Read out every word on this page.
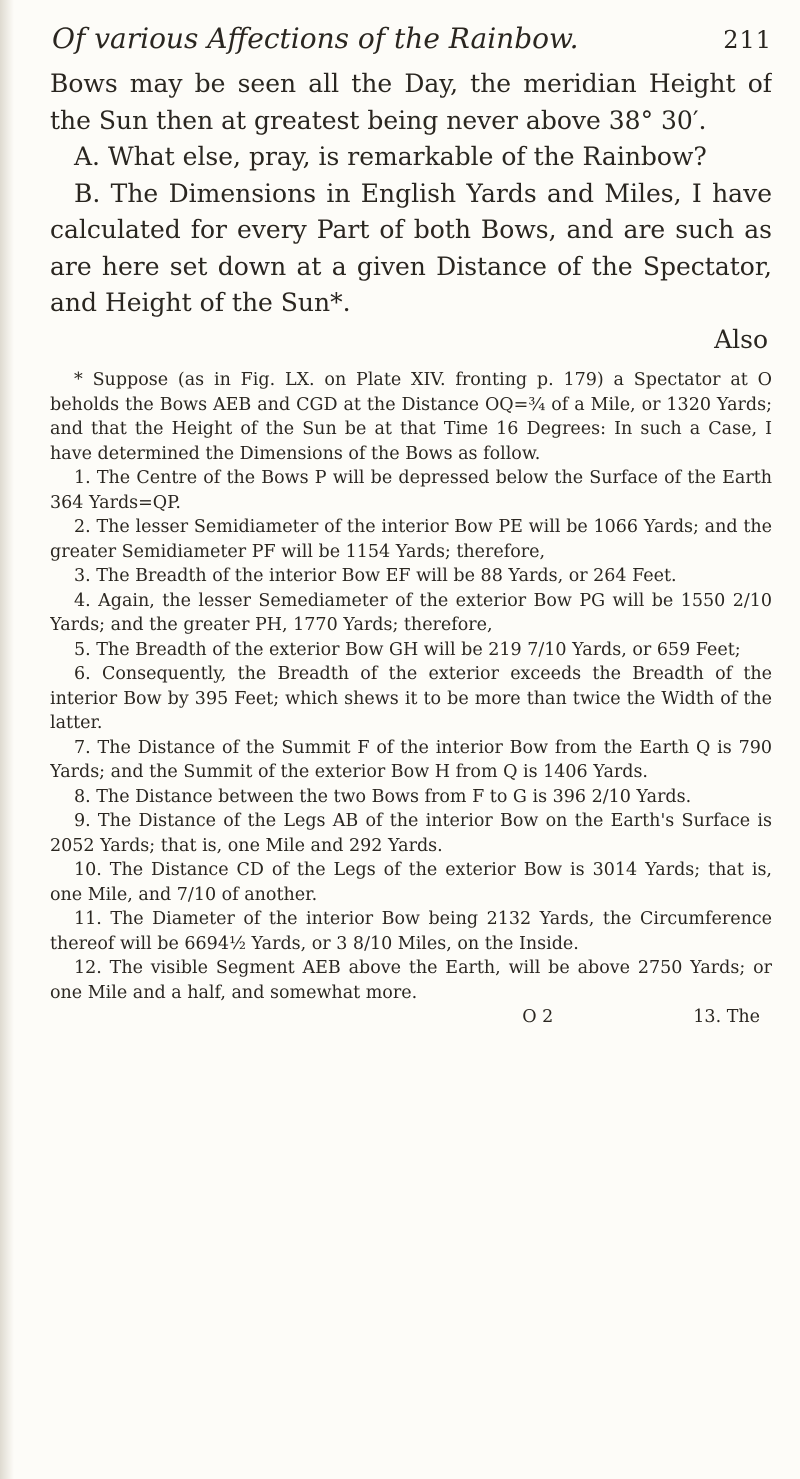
Of various Affections of the Rainbow.	211

Bows may be seen all the Day, the meridian Height of the Sun then at greatest being never above 38° 30′.

A. What else, pray, is remarkable of the Rainbow?

B. The Dimensions in English Yards and Miles, I have calculated for every Part of both Bows, and are such as are here set down at a given Distance of the Spectator, and Height of the Sun*.

Also

* Suppose (as in Fig. LX. on Plate XIV. fronting p. 179) a Spectator at O beholds the Bows AEB and CGD at the Distance OQ=¾ of a Mile, or 1320 Yards; and that the Height of the Sun be at that Time 16 Degrees: In such a Case, I have determined the Dimensions of the Bows as follow.

1. The Centre of the Bows P will be depressed below the Surface of the Earth 364 Yards=QP.

2. The lesser Semidiameter of the interior Bow PE will be 1066 Yards; and the greater Semidiameter PF will be 1154 Yards; therefore,

3. The Breadth of the interior Bow EF will be 88 Yards, or 264 Feet.

4. Again, the lesser Semediameter of the exterior Bow PG will be 1550 2/10 Yards; and the greater PH, 1770 Yards; therefore,

5. The Breadth of the exterior Bow GH will be 219 7/10 Yards, or 659 Feet;

6. Consequently, the Breadth of the exterior exceeds the Breadth of the interior Bow by 395 Feet; which shews it to be more than twice the Width of the latter.

7. The Distance of the Summit F of the interior Bow from the Earth Q is 790 Yards; and the Summit of the exterior Bow H from Q is 1406 Yards.

8. The Distance between the two Bows from F to G is 396 2/10 Yards.

9. The Distance of the Legs AB of the interior Bow on the Earth's Surface is 2052 Yards; that is, one Mile and 292 Yards.

10. The Distance CD of the Legs of the exterior Bow is 3014 Yards; that is, one Mile, and 7/10 of another.

11. The Diameter of the interior Bow being 2132 Yards, the Circumference thereof will be 6694½ Yards, or 3 8/10 Miles, on the Inside.

12. The visible Segment AEB above the Earth, will be above 2750 Yards; or one Mile and a half, and somewhat more.

O 2	13. The
